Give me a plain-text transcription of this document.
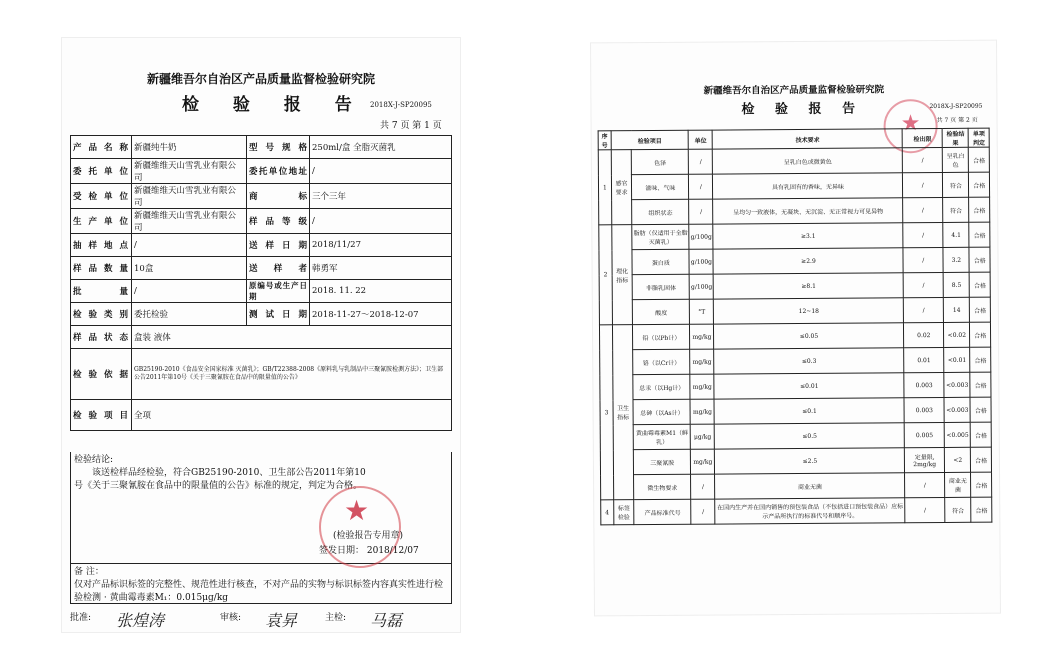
新疆维吾尔自治区产品质量监督检验研究院
检 验 报 告 2018X-J-SP20095
共 7 页 第 1 页
产品名称	新疆纯牛奶	型号规格	250ml/盒 全脂灭菌乳
委托单位	新疆维维天山雪乳业有限公司	委托单位地址	/
受检单位	新疆维维天山雪乳业有限公司	商 标	三个三年
生产单位	新疆维维天山雪乳业有限公司	样品等级	/
抽样地点	/	送样日期	2018/11/27
样品数量	10盒	送样者	韩勇军
批 量	/	原编号或生产日期	2018. 11. 22
检验类别	委托检验	测试日期	2018-11-27～2018-12-07
样品状态	盒装 液体		
检验依据	GB25190-2010《食品安全国家标准 灭菌乳》；GB/T22388-2008《原料乳与乳制品中三聚氰胺检测方法》；卫生部公告2011年第10号《关于三聚氰胺在食品中的限量值的公告》		
检验项目	全项		
检验结论:
该送检样品经检验，符合GB25190-2010、卫生部公告2011年第10号《关于三聚氰胺在食品中的限量值的公告》标准的规定，判定为合格。
★
(检验报告专用章)
签发日期： 2018/12/07
备 注：
仅对产品标识标签的完整性、规范性进行核查，不对产品的实物与标识标签内容真实性进行检验检测 · 黄曲霉毒素M₁：0.015μg/kg
批准: 张煌涛	审核: 袁昇	主检: 马磊
新疆维吾尔自治区产品质量监督检验研究院
检 验 报 告	2018X-J-SP20095
共 7 页 第 2 页
★
序号	检验项目		单位	技术要求	检出限	检验结果	单项判定
1	感官要求	色泽	/	呈乳白色或微黄色	/	呈乳白色	合格
		滋味、气味	/	具有乳固有的香味，无异味	/	符合	合格
		组织状态	/	呈均匀一致液体，无凝块、无沉淀、无正常视力可见异物	/	符合	合格
2	理化指标	脂肪（仅适用于全脂灭菌乳）	g/100g	≥3.1	/	4.1	合格
		蛋白质	g/100g	≥2.9	/	3.2	合格
		非脂乳固体	g/100g	≥8.1	/	8.5	合格
		酸度	°T	12~18	/	14	合格
3	卫生指标	铅（以Pb计）	mg/kg	≤0.05	0.02	<0.02	合格
		铬（以Cr计）	mg/kg	≤0.3	0.01	<0.01	合格
		总汞（以Hg计）	mg/kg	≤0.01	0.003	<0.003	合格
		总砷（以As计）	mg/kg	≤0.1	0.003	<0.003	合格
		黄曲霉毒素M1（鲜乳）	μg/kg	≤0.5	0.005	<0.005	合格
		三聚氰胺	mg/kg	≤2.5	定量限, 2mg/kg	<2	合格
		微生物要求	/	商业无菌	/	商业无菌	合格
4	标签检验	产品标准代号	/	在国内生产并在国内销售的预包装食品（不包括进口预包装食品）应标示产品所执行的标准代号和顺序号。	/	符合	合格
